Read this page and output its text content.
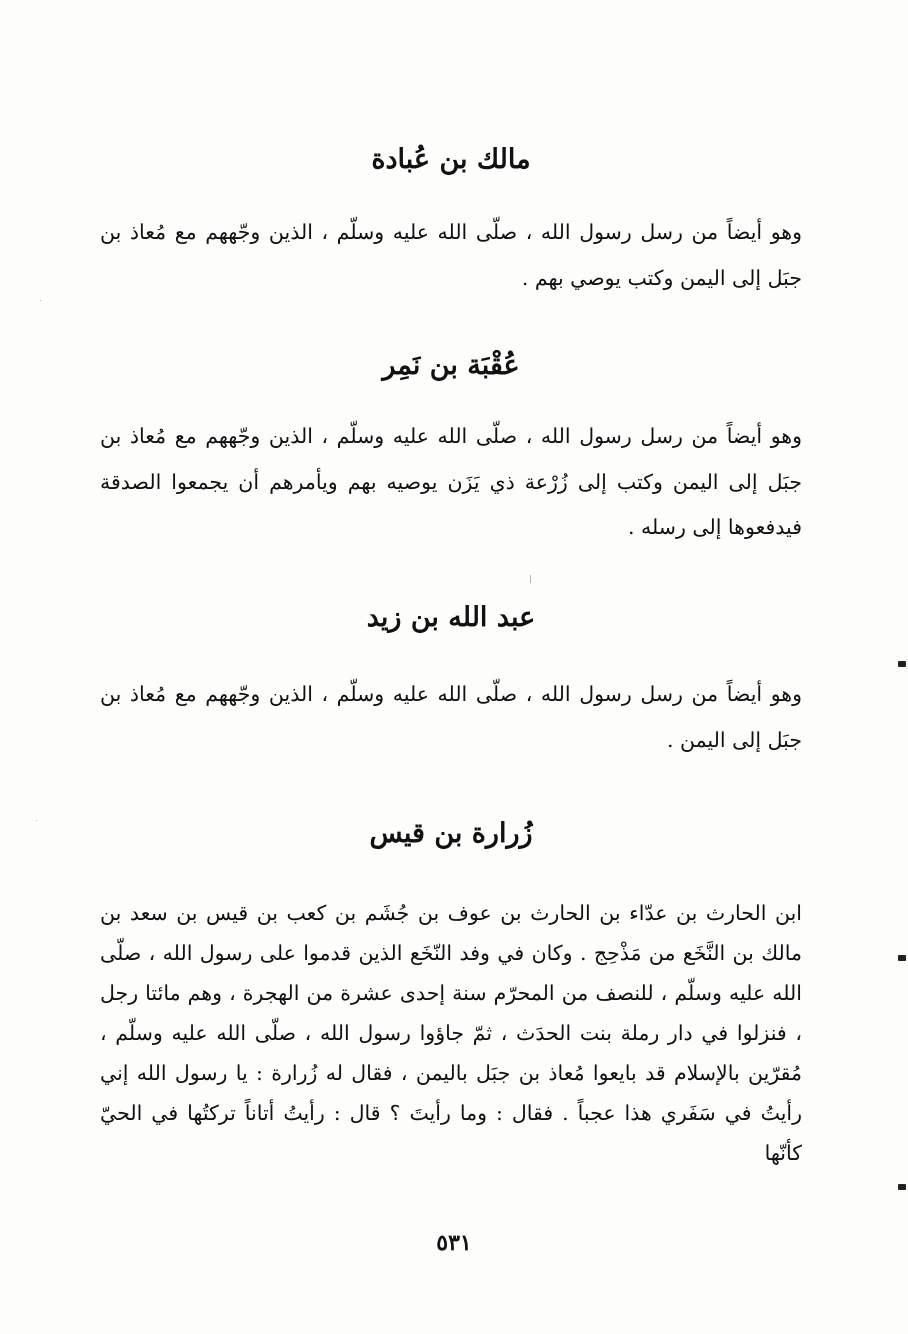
مالك بن عُبادة

وهو أيضاً من رسل رسول الله ، صلّى الله عليه وسلّم ، الذين وجّههم مع مُعاذ بن جبَل إلى اليمن وكتب يوصي بهم .

عُقْبَة بن نَمِر

وهو أيضاً من رسل رسول الله ، صلّى الله عليه وسلّم ، الذين وجّههم مع مُعاذ بن جبَل إلى اليمن وكتب إلى زُرْعة ذي يَزَن يوصيه بهم ويأمرهم أن يجمعوا الصدقة فيدفعوها إلى رسله .

عبد الله بن زيد

وهو أيضاً من رسل رسول الله ، صلّى الله عليه وسلّم ، الذين وجّههم مع مُعاذ بن جبَل إلى اليمن .

زُرارة بن قيس

ابن الحارث بن عدّاء بن الحارث بن عوف بن جُشَم بن كعب بن قيس بن سعد بن مالك بن النَّخَع من مَذْحِج . وكان في وفد النّخَع الذين قدموا على رسول الله ، صلّى الله عليه وسلّم ، للنصف من المحرّم سنة إحدى عشرة من الهجرة ، وهم مائتا رجل ، فنزلوا في دار رملة بنت الحدَث ، ثمّ جاؤوا رسول الله ، صلّى الله عليه وسلّم ، مُقرّين بالإسلام قد بايعوا مُعاذ بن جبَل باليمن ، فقال له زُرارة : يا رسول الله إني رأيتُ في سَفَري هذا عجباً . فقال : وما رأيتَ ؟ قال : رأيتُ أتاناً تركتُها في الحيّ كأنّها

٥٣١
